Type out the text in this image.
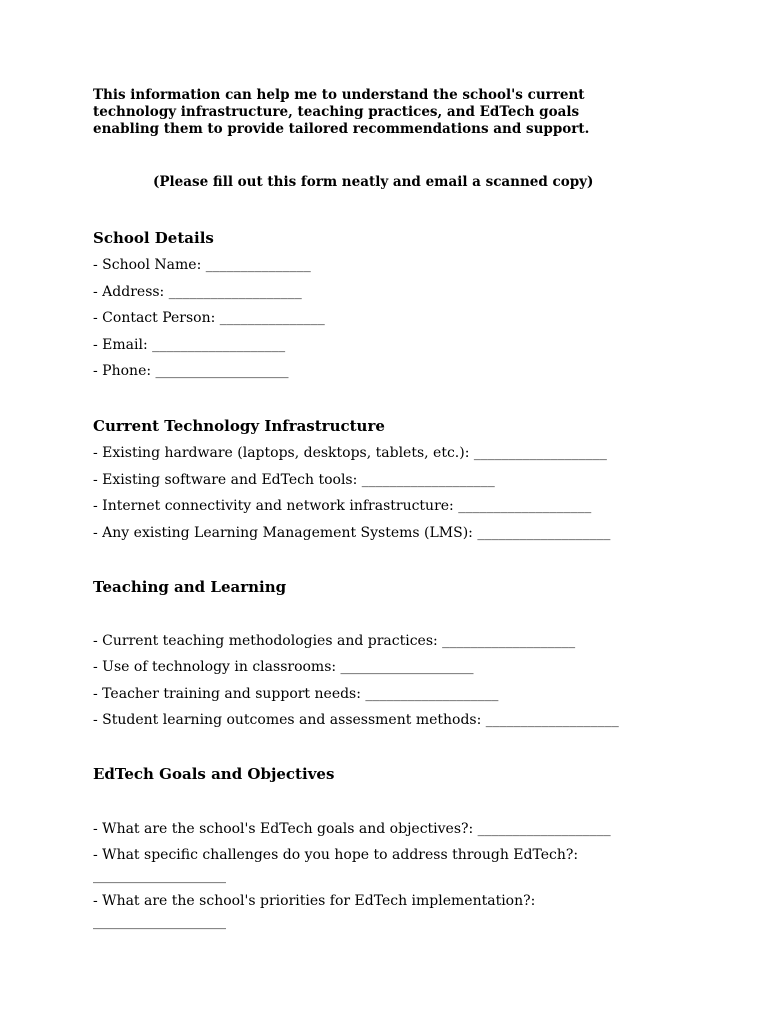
This information can help me to understand the school's current
technology infrastructure, teaching practices, and EdTech goals
enabling them to provide tailored recommendations and support.

(Please fill out this form neatly and email a scanned copy)

School Details

- School Name: _______________

- Address: ___________________

- Contact Person: _______________

- Email: ___________________

- Phone: ___________________

Current Technology Infrastructure

- Existing hardware (laptops, desktops, tablets, etc.): ___________________

- Existing software and EdTech tools: ___________________

- Internet connectivity and network infrastructure: ___________________

- Any existing Learning Management Systems (LMS): ___________________

Teaching and Learning

- Current teaching methodologies and practices: ___________________

- Use of technology in classrooms: ___________________

- Teacher training and support needs: ___________________

- Student learning outcomes and assessment methods: ___________________

EdTech Goals and Objectives

- What are the school's EdTech goals and objectives?: ___________________

- What specific challenges do you hope to address through EdTech?:

___________________

- What are the school's priorities for EdTech implementation?:

___________________
